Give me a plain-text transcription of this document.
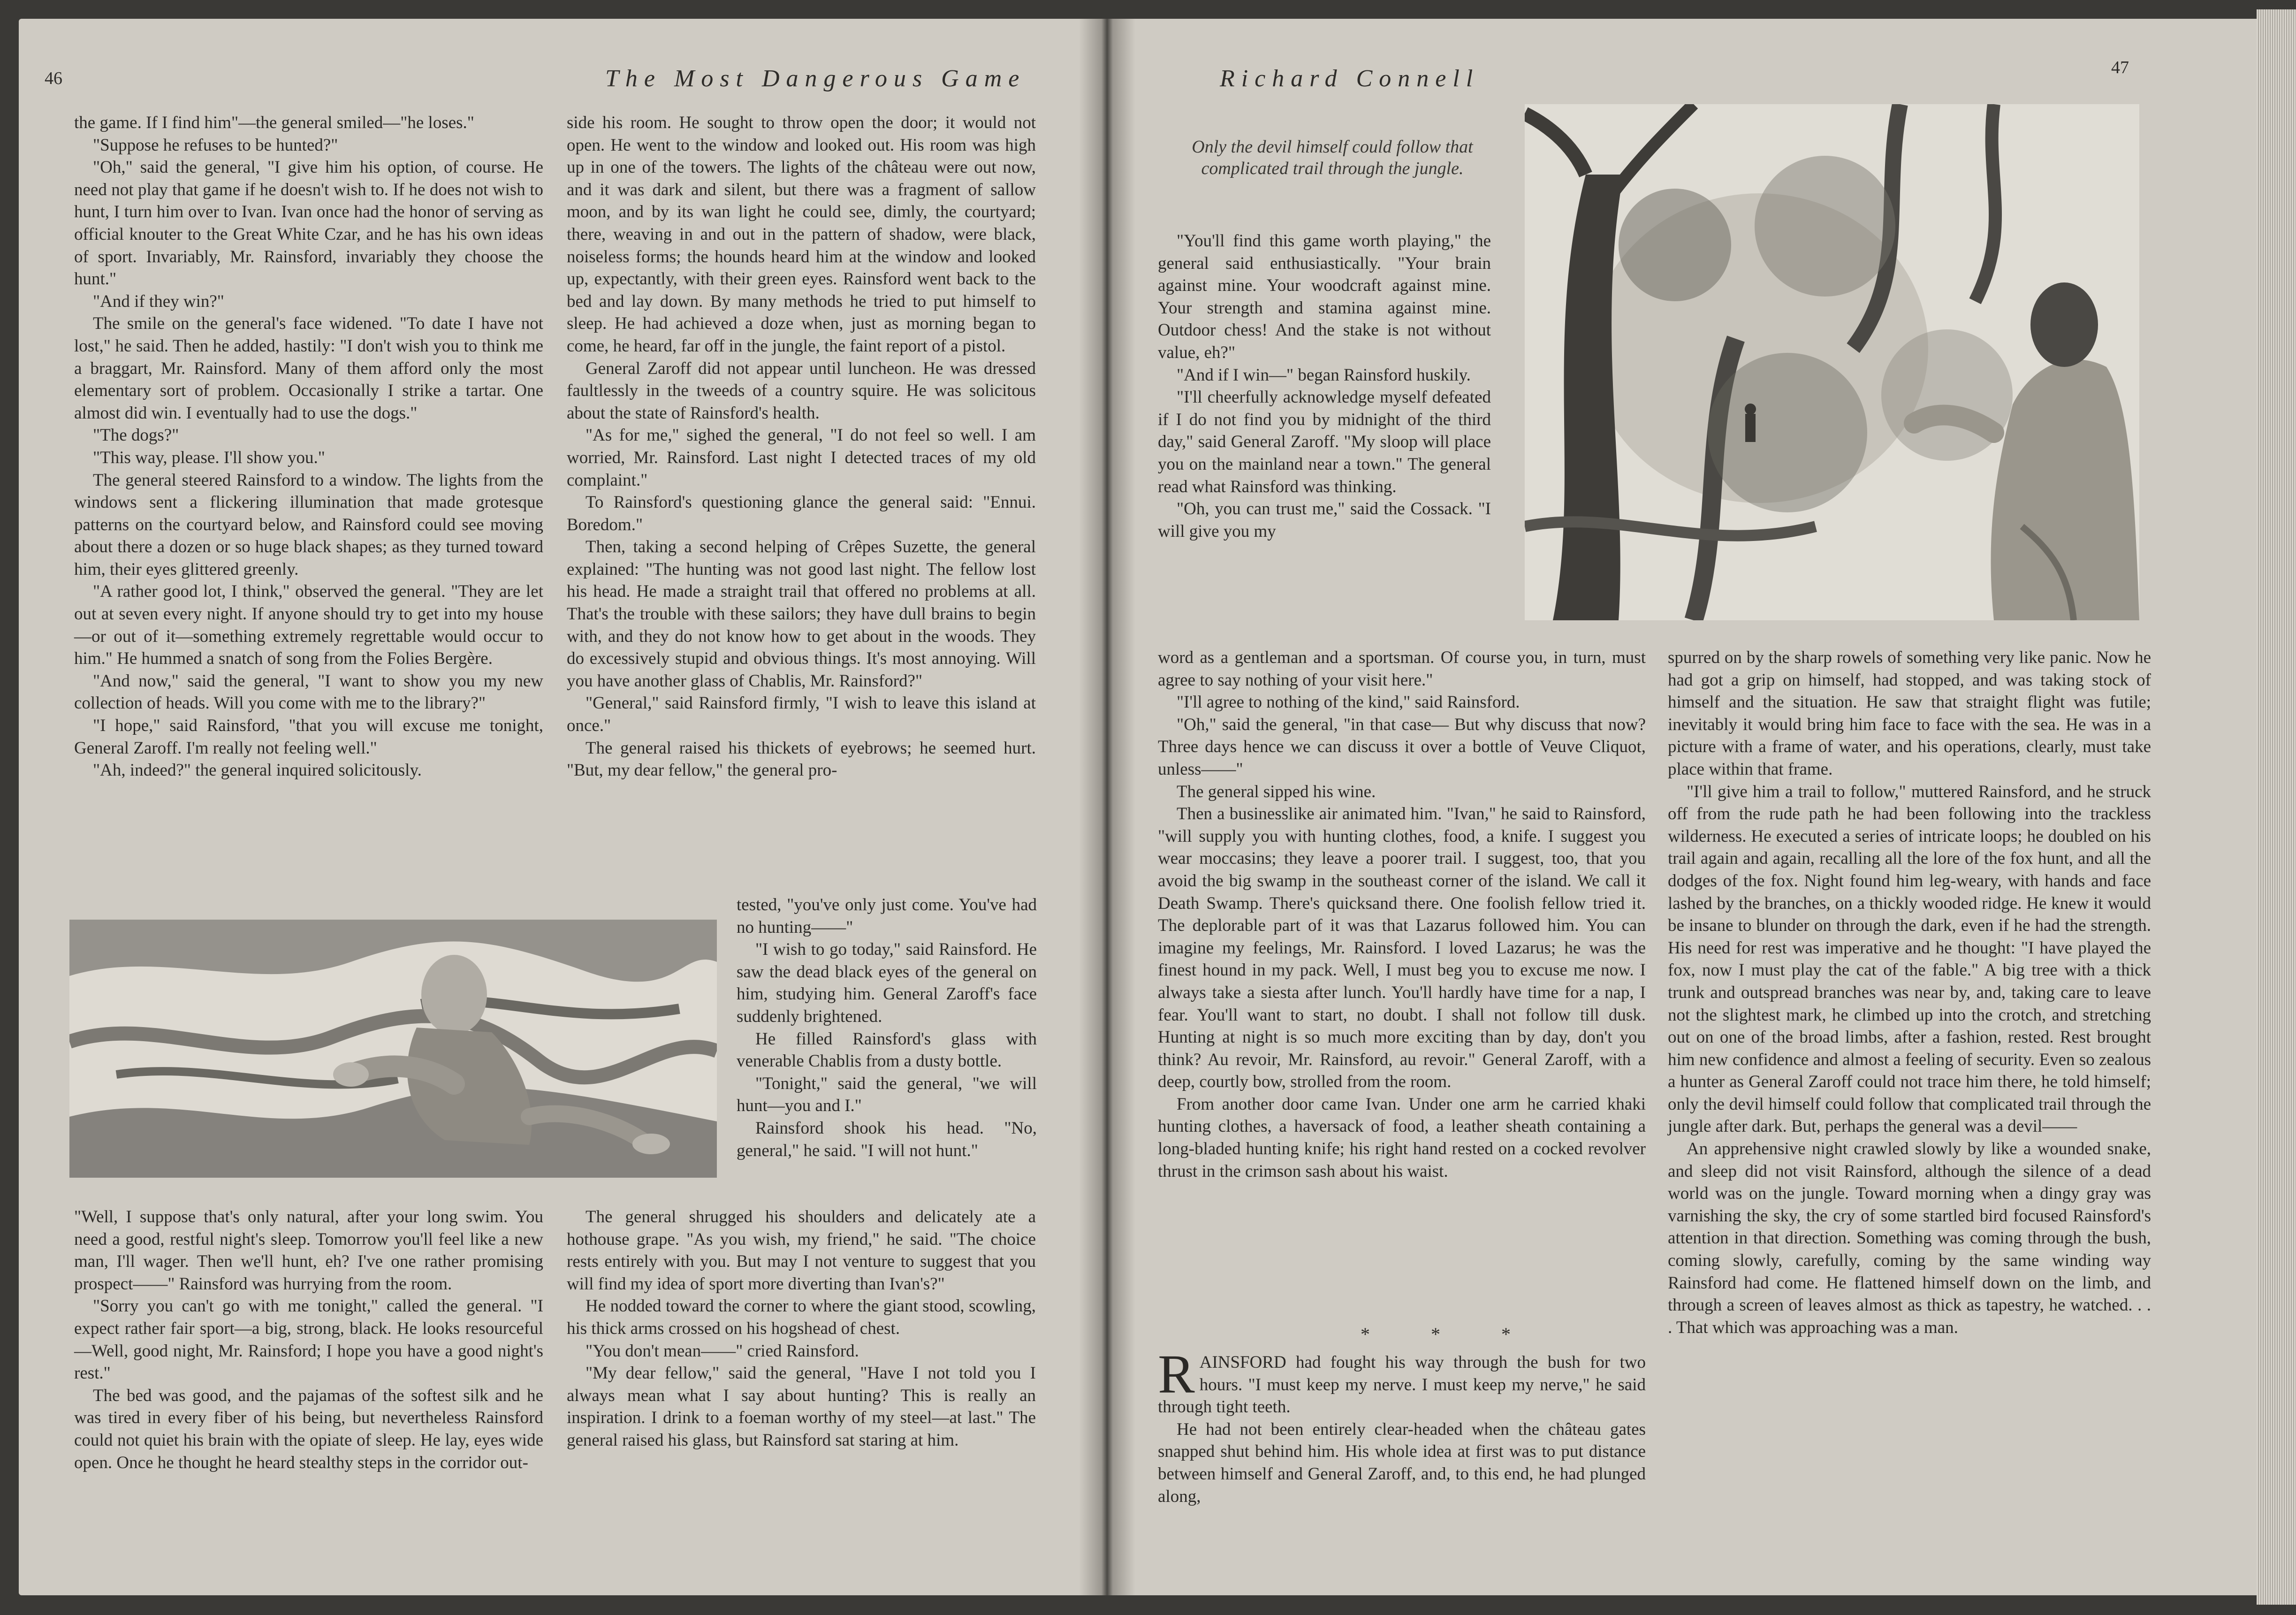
46	The Most Dangerous Game

the game. If I find him"—the general smiled—"he loses."

"Suppose he refuses to be hunted?"

"Oh," said the general, "I give him his option, of course. He need not play that game if he doesn't wish to. If he does not wish to hunt, I turn him over to Ivan. Ivan once had the honor of serving as official knouter to the Great White Czar, and he has his own ideas of sport. Invariably, Mr. Rainsford, invariably they choose the hunt."

"And if they win?"

The smile on the general's face widened. "To date I have not lost," he said. Then he added, hastily: "I don't wish you to think me a braggart, Mr. Rainsford. Many of them afford only the most elementary sort of problem. Occasionally I strike a tartar. One almost did win. I eventually had to use the dogs."

"The dogs?"

"This way, please. I'll show you."

The general steered Rainsford to a window. The lights from the windows sent a flickering illumination that made grotesque patterns on the courtyard below, and Rainsford could see moving about there a dozen or so huge black shapes; as they turned toward him, their eyes glittered greenly.

"A rather good lot, I think," observed the general. "They are let out at seven every night. If anyone should try to get into my house—or out of it—something extremely regrettable would occur to him." He hummed a snatch of song from the Folies Bergère.

"And now," said the general, "I want to show you my new collection of heads. Will you come with me to the library?"

"I hope," said Rainsford, "that you will excuse me tonight, General Zaroff. I'm really not feeling well."

"Ah, indeed?" the general inquired solicitously.

"Well, I suppose that's only natural, after your long swim. You need a good, restful night's sleep. Tomorrow you'll feel like a new man, I'll wager. Then we'll hunt, eh? I've one rather promising prospect——" Rainsford was hurrying from the room.

"Sorry you can't go with me tonight," called the general. "I expect rather fair sport—a big, strong, black. He looks resourceful—Well, good night, Mr. Rainsford; I hope you have a good night's rest."

The bed was good, and the pajamas of the softest silk and he was tired in every fiber of his being, but nevertheless Rainsford could not quiet his brain with the opiate of sleep. He lay, eyes wide open. Once he thought he heard stealthy steps in the corridor out-

side his room. He sought to throw open the door; it would not open. He went to the window and looked out. His room was high up in one of the towers. The lights of the château were out now, and it was dark and silent, but there was a fragment of sallow moon, and by its wan light he could see, dimly, the courtyard; there, weaving in and out in the pattern of shadow, were black, noiseless forms; the hounds heard him at the window and looked up, expectantly, with their green eyes. Rainsford went back to the bed and lay down. By many methods he tried to put himself to sleep. He had achieved a doze when, just as morning began to come, he heard, far off in the jungle, the faint report of a pistol.

General Zaroff did not appear until luncheon. He was dressed faultlessly in the tweeds of a country squire. He was solicitous about the state of Rainsford's health.

"As for me," sighed the general, "I do not feel so well. I am worried, Mr. Rainsford. Last night I detected traces of my old complaint."

To Rainsford's questioning glance the general said: "Ennui. Boredom."

Then, taking a second helping of Crêpes Suzette, the general explained: "The hunting was not good last night. The fellow lost his head. He made a straight trail that offered no problems at all. That's the trouble with these sailors; they have dull brains to begin with, and they do not know how to get about in the woods. They do excessively stupid and obvious things. It's most annoying. Will you have another glass of Chablis, Mr. Rainsford?"

"General," said Rainsford firmly, "I wish to leave this island at once."

The general raised his thickets of eyebrows; he seemed hurt. "But, my dear fellow," the general pro-

tested, "you've only just come. You've had no hunting——"

"I wish to go today," said Rainsford. He saw the dead black eyes of the general on him, studying him. General Zaroff's face suddenly brightened.

He filled Rainsford's glass with venerable Chablis from a dusty bottle.

"Tonight," said the general, "we will hunt—you and I."

Rainsford shook his head. "No, general," he said. "I will not hunt."

The general shrugged his shoulders and delicately ate a hothouse grape. "As you wish, my friend," he said. "The choice rests entirely with you. But may I not venture to suggest that you will find my idea of sport more diverting than Ivan's?"

He nodded toward the corner to where the giant stood, scowling, his thick arms crossed on his hogshead of chest.

"You don't mean——" cried Rainsford.

"My dear fellow," said the general, "Have I not told you I always mean what I say about hunting? This is really an inspiration. I drink to a foeman worthy of my steel—at last." The general raised his glass, but Rainsford sat staring at him.

Richard Connell	47
Only the devil himself could follow that complicated trail through the jungle.

"You'll find this game worth playing," the general said enthusiastically. "Your brain against mine. Your woodcraft against mine. Your strength and stamina against mine. Outdoor chess! And the stake is not without value, eh?"

"And if I win—" began Rainsford huskily.

"I'll cheerfully acknowledge myself defeated if I do not find you by midnight of the third day," said General Zaroff. "My sloop will place you on the mainland near a town." The general read what Rainsford was thinking.

"Oh, you can trust me," said the Cossack. "I will give you my

word as a gentleman and a sportsman. Of course you, in turn, must agree to say nothing of your visit here."

"I'll agree to nothing of the kind," said Rainsford.

"Oh," said the general, "in that case— But why discuss that now? Three days hence we can discuss it over a bottle of Veuve Cliquot, unless——"

The general sipped his wine.

Then a businesslike air animated him. "Ivan," he said to Rainsford, "will supply you with hunting clothes, food, a knife. I suggest you wear moccasins; they leave a poorer trail. I suggest, too, that you avoid the big swamp in the southeast corner of the island. We call it Death Swamp. There's quicksand there. One foolish fellow tried it. The deplorable part of it was that Lazarus followed him. You can imagine my feelings, Mr. Rainsford. I loved Lazarus; he was the finest hound in my pack. Well, I must beg you to excuse me now. I always take a siesta after lunch. You'll hardly have time for a nap, I fear. You'll want to start, no doubt. I shall not follow till dusk. Hunting at night is so much more exciting than by day, don't you think? Au revoir, Mr. Rainsford, au revoir." General Zaroff, with a deep, courtly bow, strolled from the room.

From another door came Ivan. Under one arm he carried khaki hunting clothes, a haversack of food, a leather sheath containing a long-bladed hunting knife; his right hand rested on a cocked revolver thrust in the crimson sash about his waist.

* * *

RAINSFORD had fought his way through the bush for two hours. "I must keep my nerve. I must keep my nerve," he said through tight teeth.

He had not been entirely clear-headed when the château gates snapped shut behind him. His whole idea at first was to put distance between himself and General Zaroff, and, to this end, he had plunged along,

spurred on by the sharp rowels of something very like panic. Now he had got a grip on himself, had stopped, and was taking stock of himself and the situation. He saw that straight flight was futile; inevitably it would bring him face to face with the sea. He was in a picture with a frame of water, and his operations, clearly, must take place within that frame.

"I'll give him a trail to follow," muttered Rainsford, and he struck off from the rude path he had been following into the trackless wilderness. He executed a series of intricate loops; he doubled on his trail again and again, recalling all the lore of the fox hunt, and all the dodges of the fox. Night found him leg-weary, with hands and face lashed by the branches, on a thickly wooded ridge. He knew it would be insane to blunder on through the dark, even if he had the strength. His need for rest was imperative and he thought: "I have played the fox, now I must play the cat of the fable." A big tree with a thick trunk and outspread branches was near by, and, taking care to leave not the slightest mark, he climbed up into the crotch, and stretching out on one of the broad limbs, after a fashion, rested. Rest brought him new confidence and almost a feeling of security. Even so zealous a hunter as General Zaroff could not trace him there, he told himself; only the devil himself could follow that complicated trail through the jungle after dark. But, perhaps the general was a devil——

An apprehensive night crawled slowly by like a wounded snake, and sleep did not visit Rainsford, although the silence of a dead world was on the jungle. Toward morning when a dingy gray was varnishing the sky, the cry of some startled bird focused Rainsford's attention in that direction. Something was coming through the bush, coming slowly, carefully, coming by the same winding way Rainsford had come. He flattened himself down on the limb, and through a screen of leaves almost as thick as tapestry, he watched. . . . That which was approaching was a man.
